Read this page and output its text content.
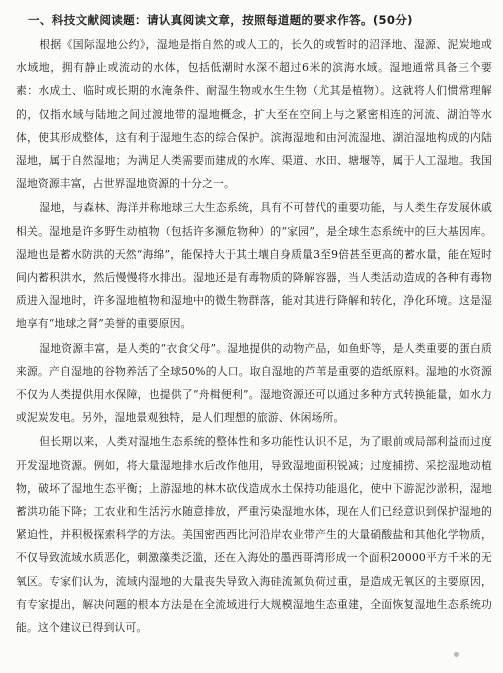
一、科技文献阅读题：请认真阅读文章，按照每道题的要求作答。(50分)

根据《国际湿地公约》，湿地是指自然的或人工的，长久的或暂时的沼泽地、湿源、泥炭地或水域地，拥有静止或流动的水体，包括低潮时水深不超过6米的滨海水域。湿地通常具备三个要素：水成土、临时或长期的水淹条件、耐湿生物或水生生物（尤其是植物）。这就将人们惯常理解的，仅指水域与陆地之间过渡地带的湿地概念，扩大至在空间上与之紧密相连的河流、湖泊等水体，使其形成整体，这有利于湿地生态的综合保护。滨海湿地和由河流湿地、湖泊湿地构成的内陆湿地，属于自然湿地；为满足人类需要而建成的水库、渠道、水田、塘堰等，属于人工湿地。我国湿地资源丰富，占世界湿地资源的十分之一。

湿地，与森林、海洋并称地球三大生态系统，具有不可替代的重要功能，与人类生存发展休戚相关。湿地是许多野生动植物（包括许多濒危物种）的“家园”，是全球生态系统中的巨大基因库。湿地也是蓄水防洪的天然“海绵”，能保持大于其土壤自身质量3至9倍甚至更高的蓄水量，能在短时间内蓄积洪水，然后慢慢将水排出。湿地还是有毒物质的降解容器，当人类活动造成的各种有毒物质进入湿地时，许多湿地植物和湿地中的微生物群落，能对其进行降解和转化，净化环境。这是湿地享有“地球之肾”美誉的重要原因。

湿地资源丰富，是人类的“衣食父母”。湿地提供的动物产品，如鱼虾等，是人类重要的蛋白质来源。产自湿地的谷物养活了全球50%的人口。取自湿地的芦苇是重要的造纸原料。湿地的水资源不仅为人类提供用水保障，也提供了“舟楫便利”。湿地资源还可以通过多种方式转换能量，如水力或泥炭发电。另外，湿地景观独特，是人们理想的旅游、休闲场所。

但长期以来，人类对湿地生态系统的整体性和多功能性认识不足，为了眼前或局部利益而过度开发湿地资源。例如，将大量湿地排水后改作他用，导致湿地面积锐减；过度捕捞、采挖湿地动植物，破坏了湿地生态平衡；上游湿地的林木砍伐造成水土保持功能退化，使中下游泥沙淤积，湿地蓄洪功能下降；工农业和生活污水随意排放，严重污染湿地水体，现在人们已经意识到保护湿地的紧迫性，并积极探索科学的方法。美国密西西比河沿岸农业带产生的大量硝酸盐和其他化学物质，不仅导致流域水质恶化，刺激藻类泛滥，还在入海处的墨西哥湾形成一个面积20000平方千米的无氧区。专家们认为，流域内湿地的大量丧失导致入海硅流氮负荷过重，是造成无氧区的主要原因，有专家提出，解决问题的根本方法是在全流域进行大规模湿地生态重建，全面恢复湿地生态系统功能。这个建议已得到认可。
